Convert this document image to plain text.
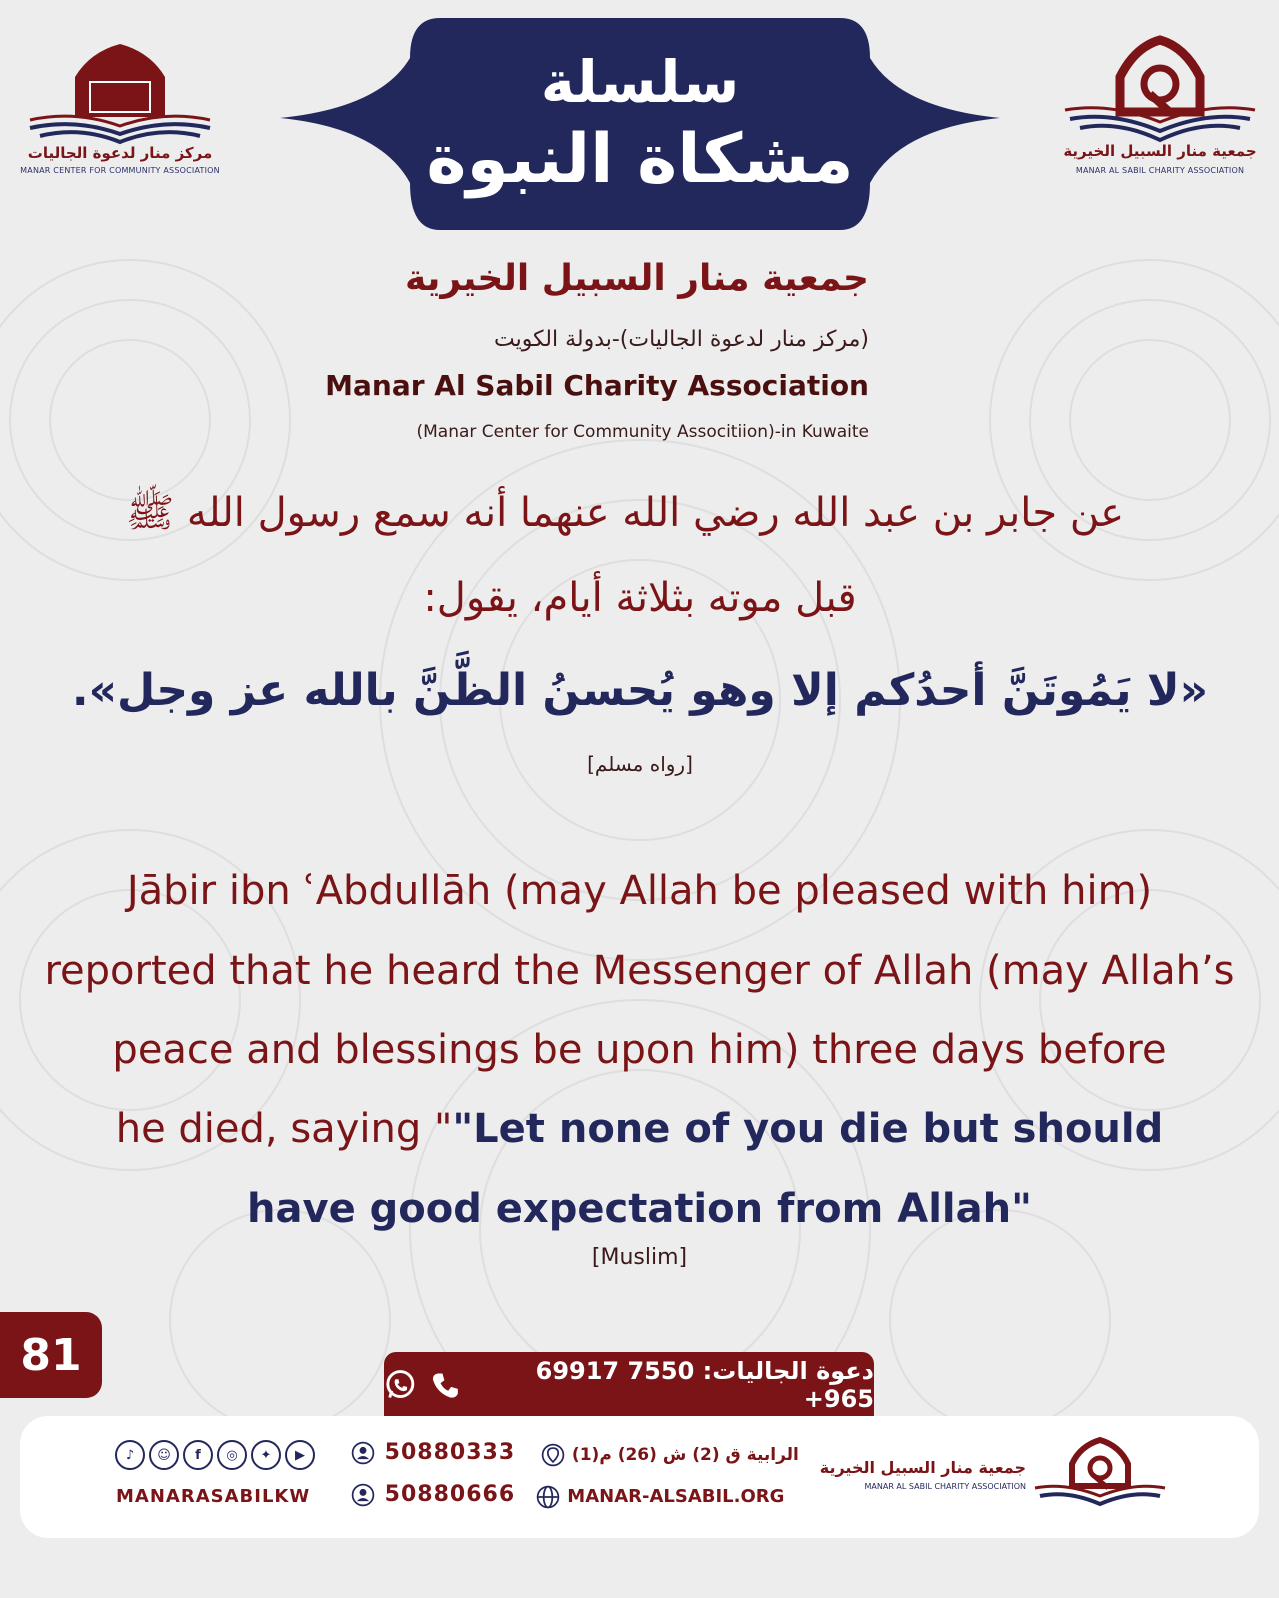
مركز منار لدعوة الجاليات
MANAR CENTER FOR COMMUNITY ASSOCIATION
جمعية منار السبيل الخيرية
MANAR AL SABIL CHARITY ASSOCIATION
سلسلة
مشكاة النبوة
جمعية منار السبيل الخيرية
(مركز منار لدعوة الجاليات)-بدولة الكويت
Manar Al Sabil Charity Association
(Manar Center for Community Associtiion)-in Kuwaite
عن جابر بن عبد الله رضي الله عنهما أنه سمع رسول الله ﷺ
قبل موته بثلاثة أيام، يقول:
«لا يَمُوتَنَّ أحدُكم إلا وهو يُحسنُ الظَّنَّ بالله عز وجل».
[رواه مسلم]
Jābir ibn ʿAbdullāh (may Allah be pleased with him)
reported that he heard the Messenger of Allah (may Allah’s
peace and blessings be upon him) three days before
he died, saying ""Let none of you die but should
have good expectation from Allah"
[Muslim]
81	دعوة الجاليات: 7550 69917 965+
جمعية منار السبيل الخيرية
MANAR AL SABIL CHARITY ASSOCIATION
الرابية ق (2) ش (26) م(1)
MANAR-ALSABIL.ORG
50880333
50880666
♪	☺	f	◎	✦	▶
MANARASABILKW
